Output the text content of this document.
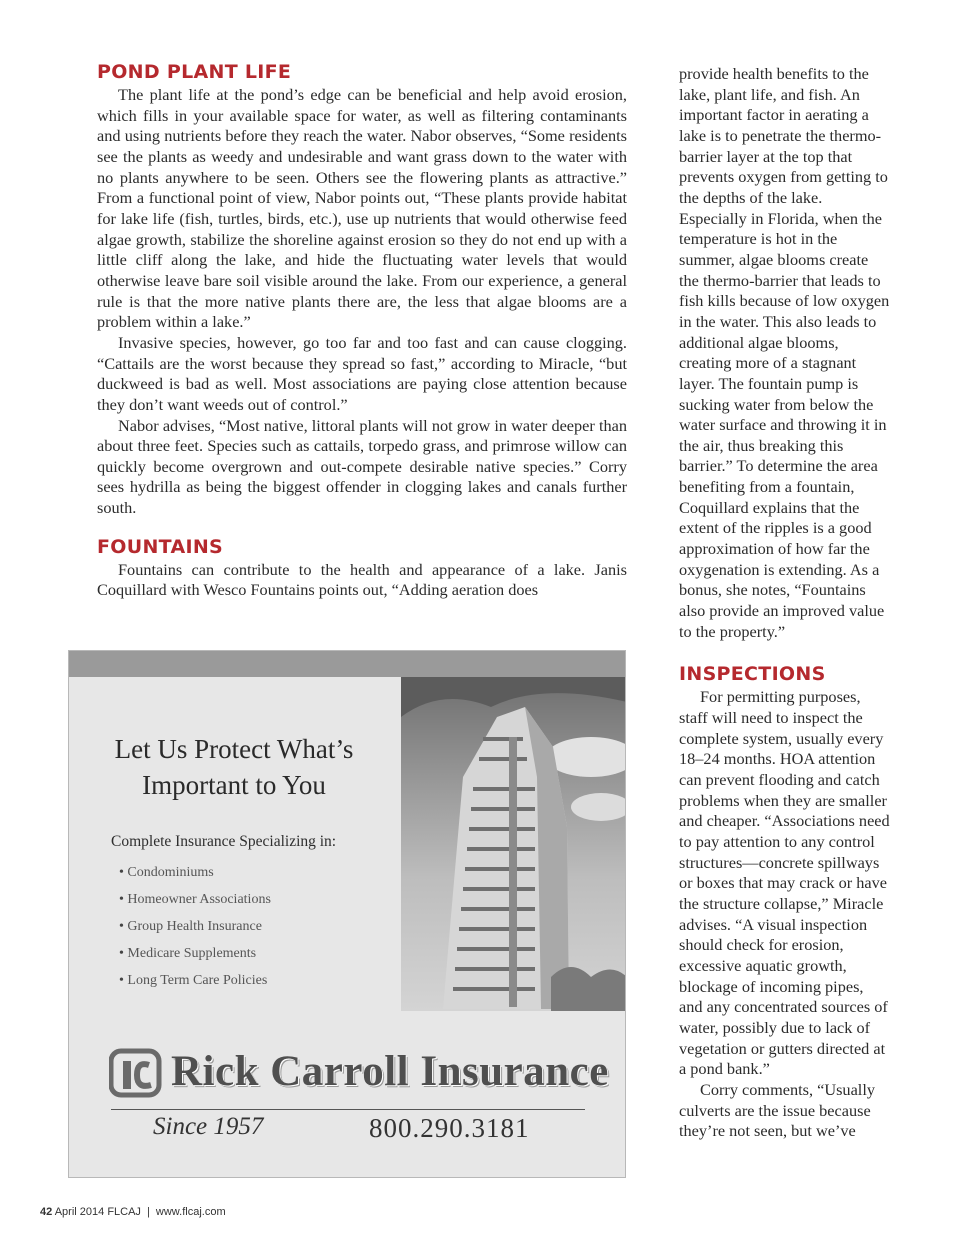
POND PLANT LIFE

The plant life at the pond’s edge can be beneficial and help avoid erosion, which fills in your available space for water, as well as filtering contaminants and using nutrients before they reach the water. Nabor observes, “Some residents see the plants as weedy and undesirable and want grass down to the water with no plants anywhere to be seen. Others see the flowering plants as attractive.” From a functional point of view, Nabor points out, “These plants provide habitat for lake life (fish, turtles, birds, etc.), use up nutrients that would otherwise feed algae growth, stabilize the shoreline against erosion so they do not end up with a little cliff along the lake, and hide the fluctuating water levels that would otherwise leave bare soil visible around the lake. From our experience, a general rule is that the more native plants there are, the less that algae blooms are a problem within a lake.”

Invasive species, however, go too far and too fast and can cause clogging. “Cattails are the worst because they spread so fast,” according to Miracle, “but duckweed is bad as well. Most associations are paying close attention because they don’t want weeds out of control.”

Nabor advises, “Most native, littoral plants will not grow in water deeper than about three feet. Species such as cattails, torpedo grass, and primrose willow can quickly become overgrown and out-compete desirable native species.” Corry sees hydrilla as being the biggest offender in clogging lakes and canals further south.

FOUNTAINS

Fountains can contribute to the health and appearance of a lake. Janis Coquillard with Wesco Fountains points out, “Adding aeration does

provide health benefits to the lake, plant life, and fish. An important factor in aerating a lake is to penetrate the thermo-barrier layer at the top that prevents oxygen from getting to the depths of the lake. Especially in Florida, when the temperature is hot in the summer, algae blooms create the thermo-barrier that leads to fish kills because of low oxygen in the water. This also leads to additional algae blooms, creating more of a stagnant layer. The fountain pump is sucking water from below the water surface and throwing it in the air, thus breaking this barrier.” To determine the area benefiting from a fountain, Coquillard explains that the extent of the ripples is a good approximation of how far the oxygenation is extending. As a bonus, she notes, “Fountains also provide an improved value to the property.”

INSPECTIONS

For permitting purposes, staff will need to inspect the complete system, usually every 18–24 months. HOA attention can prevent flooding and catch problems when they are smaller and cheaper. “Associations need to pay attention to any control structures—concrete spillways or boxes that may crack or have the structure collapse,” Miracle advises. “A visual inspection should check for erosion, excessive aquatic growth, blockage of incoming pipes, and any concentrated sources of water, possibly due to lack of vegetation or gutters directed at a pond bank.”

Corry comments, “Usually culverts are the issue because they’re not seen, but we’ve

Let Us Protect What’s Important to You
Complete Insurance Specializing in:
• Condominiums
• Homeowner Associations
• Group Health Insurance
• Medicare Supplements
• Long Term Care Policies
Rick Carroll Insurance
Since 1957	800.290.3181
42 April 2014 FLCAJ | www.flcaj.com
